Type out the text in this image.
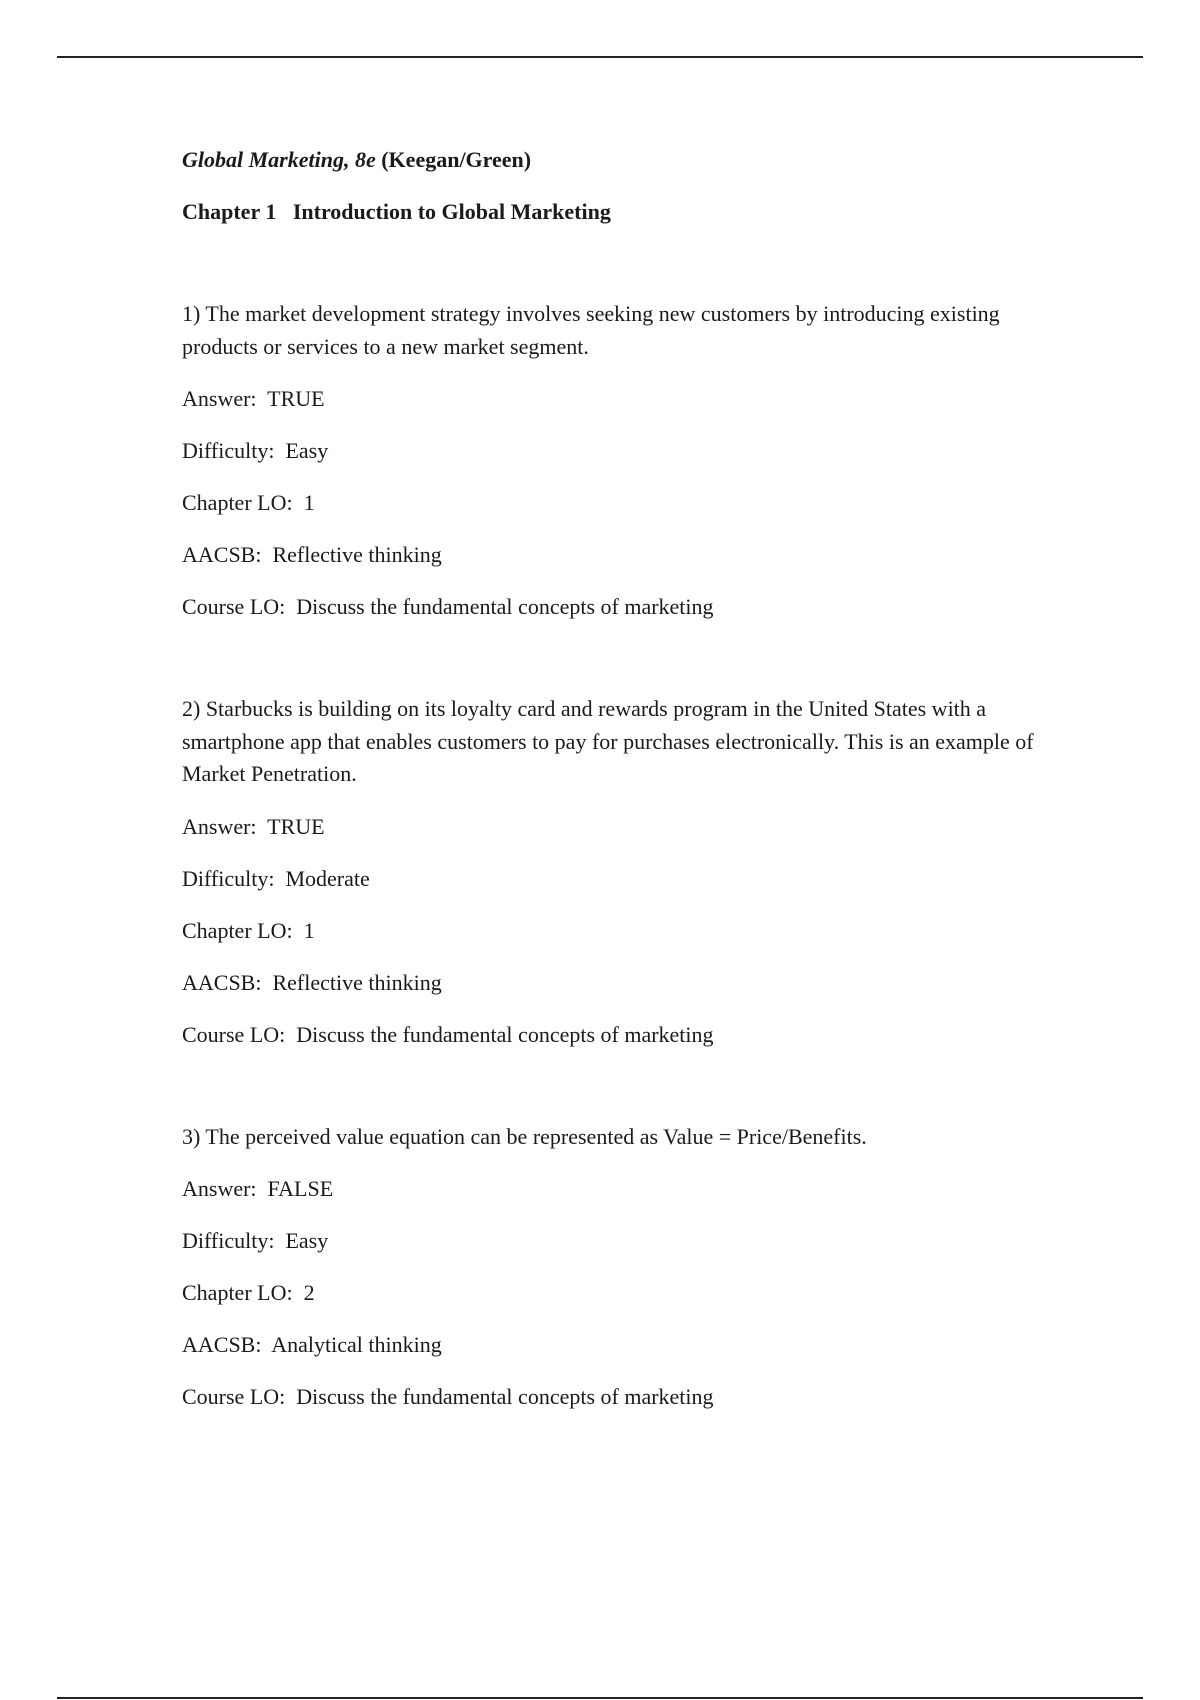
Global Marketing, 8e (Keegan/Green)

Chapter 1   Introduction to Global Marketing

1) The market development strategy involves seeking new customers by introducing existing products or services to a new market segment.

Answer:  TRUE

Difficulty:  Easy

Chapter LO:  1

AACSB:  Reflective thinking

Course LO:  Discuss the fundamental concepts of marketing

2) Starbucks is building on its loyalty card and rewards program in the United States with a smartphone app that enables customers to pay for purchases electronically. This is an example of Market Penetration.

Answer:  TRUE

Difficulty:  Moderate

Chapter LO:  1

AACSB:  Reflective thinking

Course LO:  Discuss the fundamental concepts of marketing

3) The perceived value equation can be represented as Value = Price/Benefits.

Answer:  FALSE

Difficulty:  Easy

Chapter LO:  2

AACSB:  Analytical thinking

Course LO:  Discuss the fundamental concepts of marketing
